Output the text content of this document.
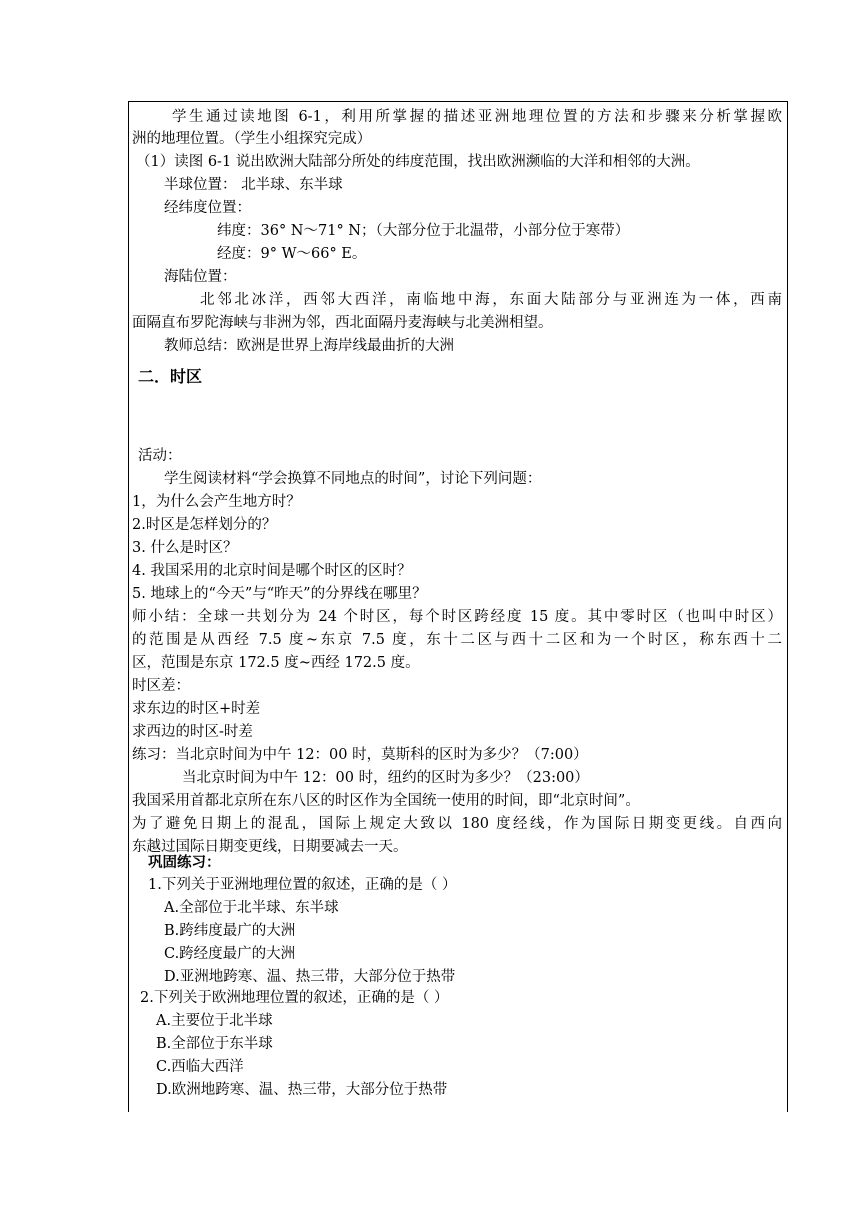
学生通过读地图 6-1，利用所掌握的描述亚洲地理位置的方法和步骤来分析掌握欧
洲的地理位置。（学生小组探究完成）
（1）读图 6-1 说出欧洲大陆部分所处的纬度范围，找出欧洲濒临的大洋和相邻的大洲。
半球位置： 北半球、东半球
经纬度位置：
纬度：36° N～71° N；（大部分位于北温带，小部分位于寒带）
经度：9° W～66° E。
海陆位置：
北邻北冰洋，西邻大西洋，南临地中海，东面大陆部分与亚洲连为一体，西南
面隔直布罗陀海峡与非洲为邻，西北面隔丹麦海峡与北美洲相望。
教师总结：欧洲是世界上海岸线最曲折的大洲
二．时区
活动：
学生阅读材料“学会换算不同地点的时间”，讨论下列问题：
1，为什么会产生地方时？
2.时区是怎样划分的？
3. 什么是时区？
4. 我国采用的北京时间是哪个时区的区时？
5. 地球上的“今天”与“昨天”的分界线在哪里？
师小结：全球一共划分为 24 个时区，每个时区跨经度 15 度。其中零时区（也叫中时区）
的范围是从西经 7.5 度~东京 7.5 度，东十二区与西十二区和为一个时区，称东西十二
区，范围是东京 172.5 度~西经 172.5 度。
时区差：
求东边的时区+时差
求西边的时区-时差
练习：当北京时间为中午 12：00 时，莫斯科的区时为多少？（7:00）
当北京时间为中午 12：00 时，纽约的区时为多少？（23:00）
我国采用首都北京所在东八区的时区作为全国统一使用的时间，即“北京时间”。
为了避免日期上的混乱，国际上规定大致以 180 度经线，作为国际日期变更线。自西向
东越过国际日期变更线，日期要减去一天。
巩固练习：
1.下列关于亚洲地理位置的叙述，正确的是（ ）
A.全部位于北半球、东半球
B.跨纬度最广的大洲
C.跨经度最广的大洲
D.亚洲地跨寒、温、热三带，大部分位于热带
2.下列关于欧洲地理位置的叙述，正确的是（ ）
A.主要位于北半球
B.全部位于东半球
C.西临大西洋
D.欧洲地跨寒、温、热三带，大部分位于热带
